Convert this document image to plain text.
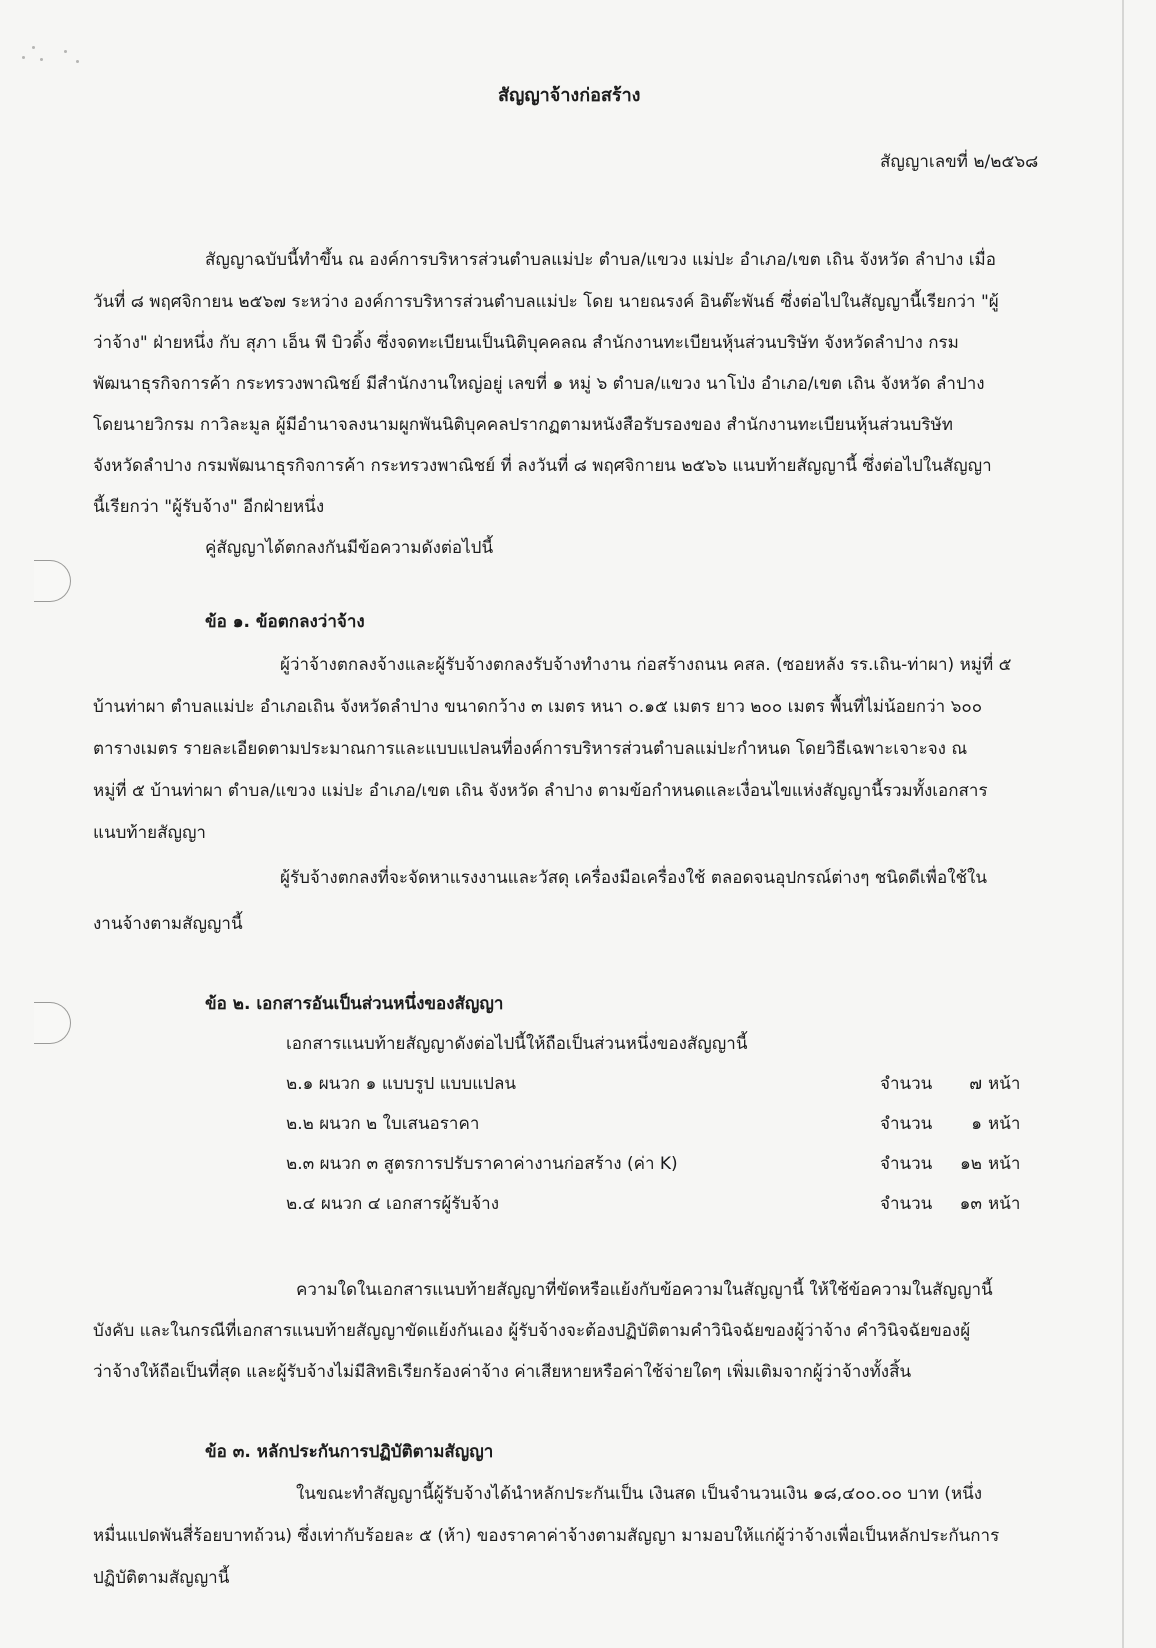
สัญญาจ้างก่อสร้าง
สัญญาเลขที่ ๒/๒๕๖๘
สัญญาฉบับนี้ทำขึ้น ณ องค์การบริหารส่วนตำบลแม่ปะ ตำบล/แขวง แม่ปะ อำเภอ/เขต เถิน จังหวัด ลำปาง เมื่อ
วันที่ ๘ พฤศจิกายน ๒๕๖๗ ระหว่าง องค์การบริหารส่วนตำบลแม่ปะ โดย นายณรงค์ อินต๊ะพันธ์ ซึ่งต่อไปในสัญญานี้เรียกว่า "ผู้
ว่าจ้าง" ฝ่ายหนึ่ง กับ สุภา เอ็น พี บิวดิ้ง ซึ่งจดทะเบียนเป็นนิติบุคคลณ สำนักงานทะเบียนหุ้นส่วนบริษัท จังหวัดลำปาง กรม
พัฒนาธุรกิจการค้า กระทรวงพาณิชย์ มีสำนักงานใหญ่อยู่ เลขที่ ๑ หมู่ ๖ ตำบล/แขวง นาโป่ง อำเภอ/เขต เถิน จังหวัด ลำปาง
โดยนายวิกรม กาวิละมูล ผู้มีอำนาจลงนามผูกพันนิติบุคคลปรากฏตามหนังสือรับรองของ สำนักงานทะเบียนหุ้นส่วนบริษัท
จังหวัดลำปาง กรมพัฒนาธุรกิจการค้า กระทรวงพาณิชย์ ที่ ลงวันที่ ๘ พฤศจิกายน ๒๕๖๖ แนบท้ายสัญญานี้ ซึ่งต่อไปในสัญญา
นี้เรียกว่า "ผู้รับจ้าง" อีกฝ่ายหนึ่ง
คู่สัญญาได้ตกลงกันมีข้อความดังต่อไปนี้
ข้อ ๑. ข้อตกลงว่าจ้าง
ผู้ว่าจ้างตกลงจ้างและผู้รับจ้างตกลงรับจ้างทำงาน ก่อสร้างถนน คสล. (ซอยหลัง รร.เถิน-ท่าผา) หมู่ที่ ๕
บ้านท่าผา ตำบลแม่ปะ อำเภอเถิน จังหวัดลำปาง ขนาดกว้าง ๓ เมตร หนา ๐.๑๕ เมตร ยาว ๒๐๐ เมตร พื้นที่ไม่น้อยกว่า ๖๐๐
ตารางเมตร รายละเอียดตามประมาณการและแบบแปลนที่องค์การบริหารส่วนตำบลแม่ปะกำหนด โดยวิธีเฉพาะเจาะจง ณ
หมู่ที่ ๕ บ้านท่าผา ตำบล/แขวง แม่ปะ อำเภอ/เขต เถิน จังหวัด ลำปาง ตามข้อกำหนดและเงื่อนไขแห่งสัญญานี้รวมทั้งเอกสาร
แนบท้ายสัญญา
ผู้รับจ้างตกลงที่จะจัดหาแรงงานและวัสดุ เครื่องมือเครื่องใช้ ตลอดจนอุปกรณ์ต่างๆ ชนิดดีเพื่อใช้ใน
งานจ้างตามสัญญานี้
ข้อ ๒. เอกสารอันเป็นส่วนหนึ่งของสัญญา
เอกสารแนบท้ายสัญญาดังต่อไปนี้ให้ถือเป็นส่วนหนึ่งของสัญญานี้
๒.๑ ผนวก ๑ แบบรูป แบบแปลน	จำนวน	๗ หน้า
๒.๒ ผนวก ๒ ใบเสนอราคา	จำนวน	๑ หน้า
๒.๓ ผนวก ๓ สูตรการปรับราคาค่างานก่อสร้าง (ค่า K)	จำนวน ๑๒ หน้า
๒.๔ ผนวก ๔ เอกสารผู้รับจ้าง	จำนวน ๑๓ หน้า
ความใดในเอกสารแนบท้ายสัญญาที่ขัดหรือแย้งกับข้อความในสัญญานี้ ให้ใช้ข้อความในสัญญานี้
บังคับ และในกรณีที่เอกสารแนบท้ายสัญญาขัดแย้งกันเอง ผู้รับจ้างจะต้องปฏิบัติตามคำวินิจฉัยของผู้ว่าจ้าง คำวินิจฉัยของผู้
ว่าจ้างให้ถือเป็นที่สุด และผู้รับจ้างไม่มีสิทธิเรียกร้องค่าจ้าง ค่าเสียหายหรือค่าใช้จ่ายใดๆ เพิ่มเติมจากผู้ว่าจ้างทั้งสิ้น
ข้อ ๓. หลักประกันการปฏิบัติตามสัญญา
ในขณะทำสัญญานี้ผู้รับจ้างได้นำหลักประกันเป็น เงินสด เป็นจำนวนเงิน ๑๘,๔๐๐.๐๐ บาท (หนึ่ง
หมื่นแปดพันสี่ร้อยบาทถ้วน) ซึ่งเท่ากับร้อยละ ๕ (ห้า) ของราคาค่าจ้างตามสัญญา มามอบให้แก่ผู้ว่าจ้างเพื่อเป็นหลักประกันการ
ปฏิบัติตามสัญญานี้
